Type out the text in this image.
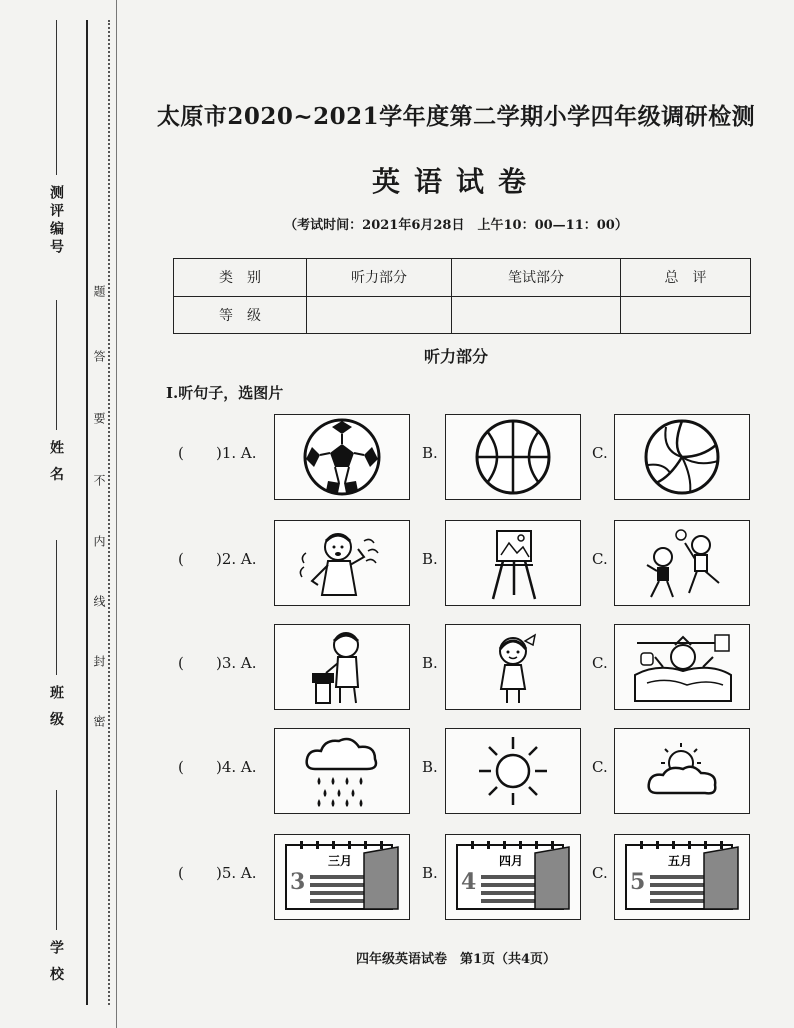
测评编号
姓 名
班 级
学 校
题
答
要
不
内
线
封
密
太原市2020~2021学年度第二学期小学四年级调研检测
英语试卷
（考试时间：2021年6月28日　上午10：00—11：00）
类　别	听力部分	笔试部分	总　评
等　级			
听力部分
Ⅰ.听句子，选图片
( )1. A.	B.	C.
( )2. A.	B.	C.
( )3. A.	B.	C.
( )4. A.	B.	C.
( )5. A.
三月
3	B.
四月
4	C.
五月
5
四年级英语试卷　第1页（共4页）
